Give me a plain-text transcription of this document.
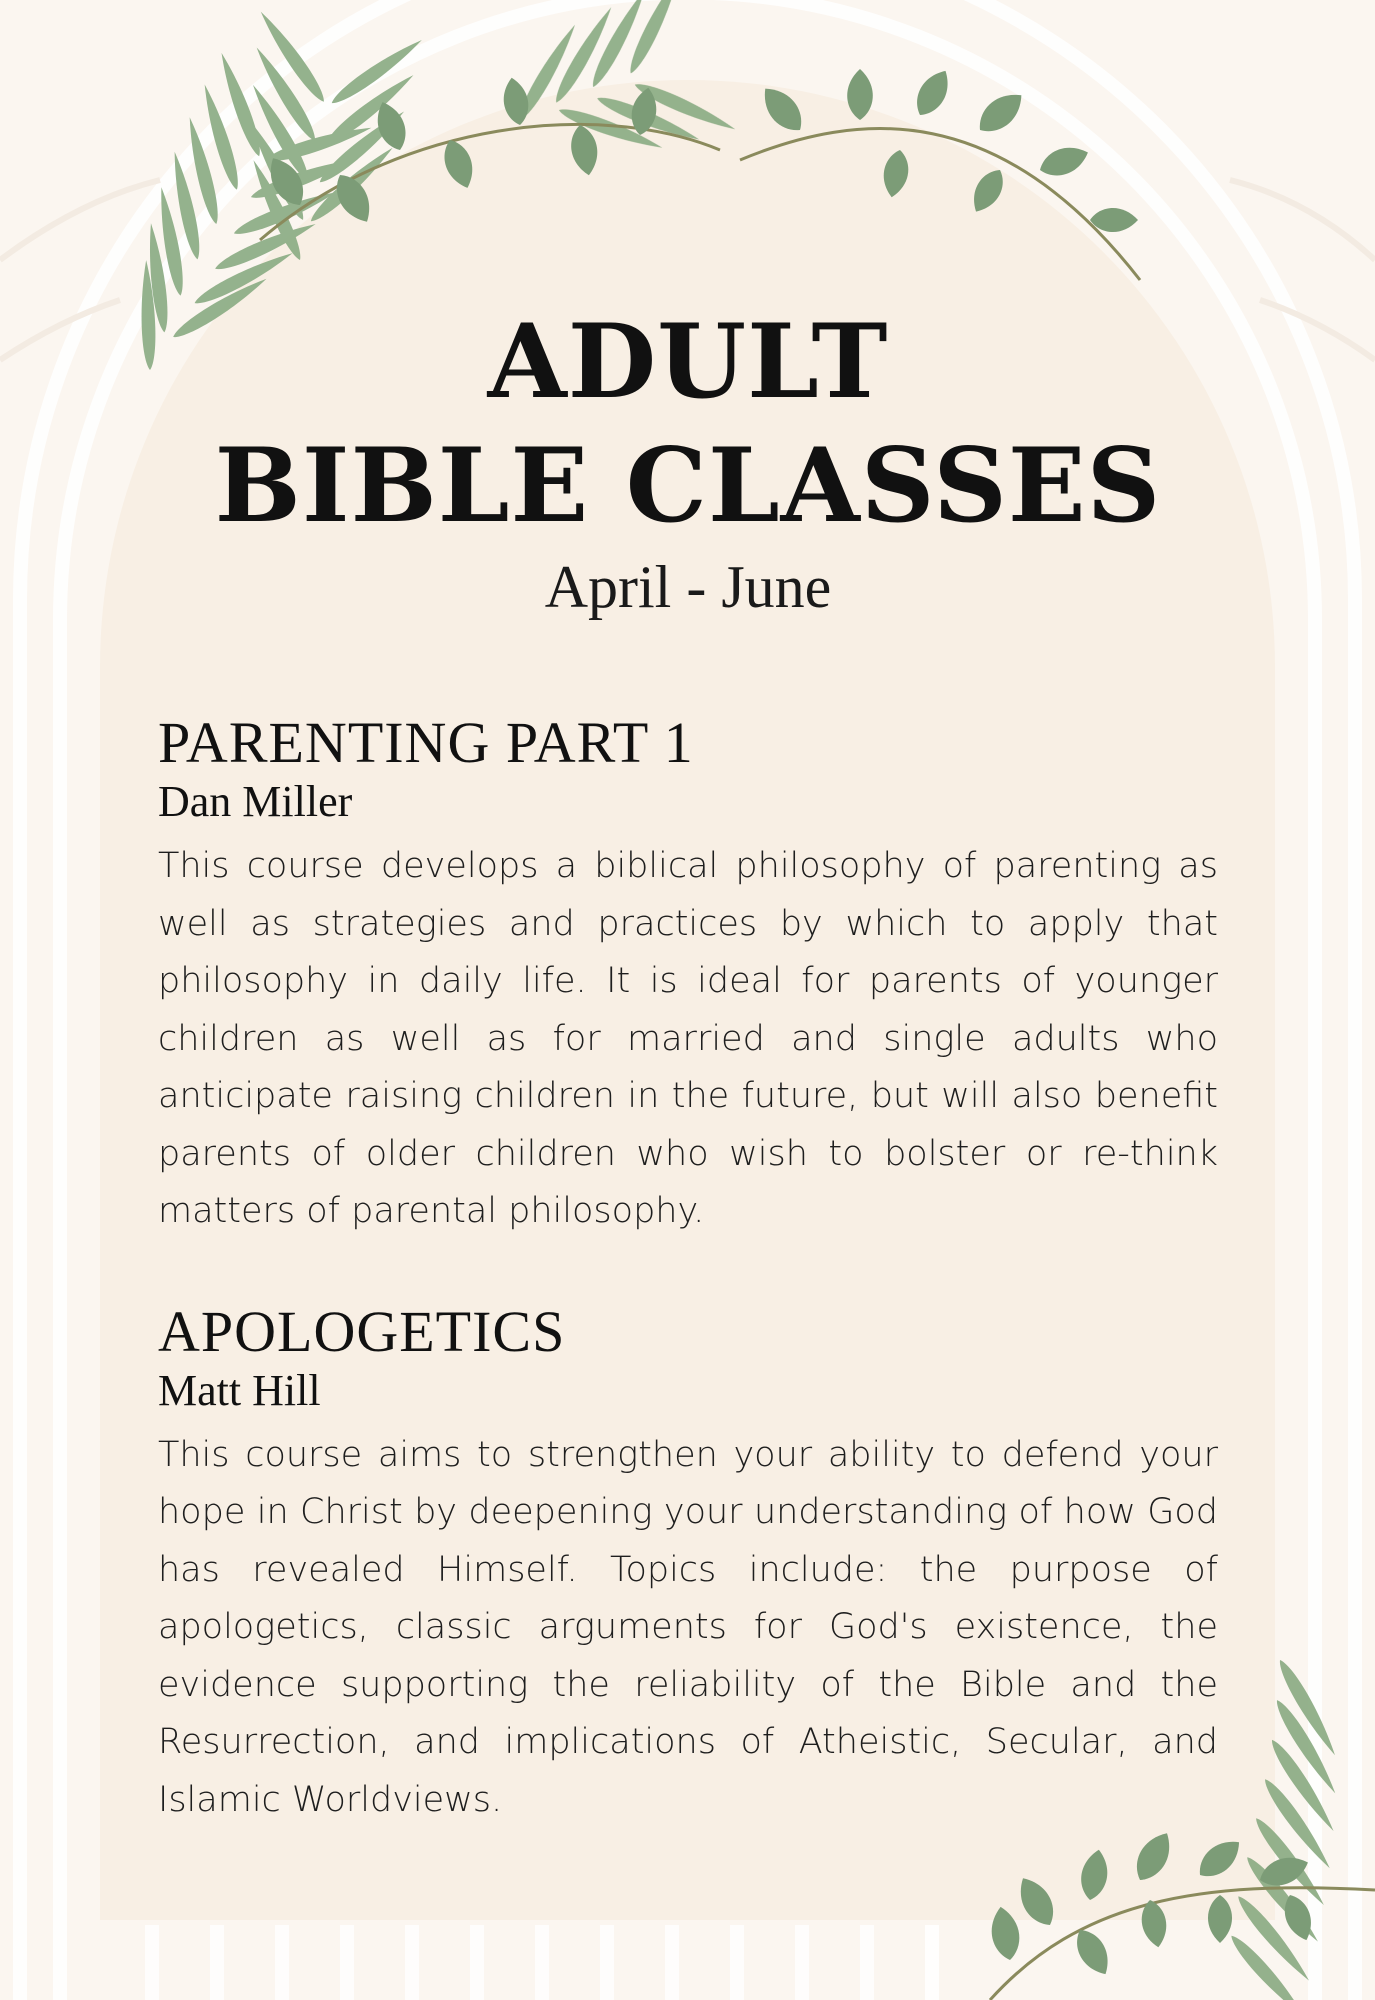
ADULT
BIBLE CLASSES
April - June
PARENTING PART 1
Dan Miller

This course develops a biblical philosophy of parenting as well as strategies and practices by which to apply that philosophy in daily life. It is ideal for parents of younger children as well as for married and single adults who anticipate raising children in the future, but will also benefit parents of older children who wish to bolster or re-think matters of parental philosophy.

APOLOGETICS
Matt Hill

This course aims to strengthen your ability to defend your hope in Christ by deepening your understanding of how God has revealed Himself. Topics include: the purpose of apologetics, classic arguments for God's existence, the evidence supporting the reliability of the Bible and the Resurrection, and implications of Atheistic, Secular, and Islamic Worldviews.
